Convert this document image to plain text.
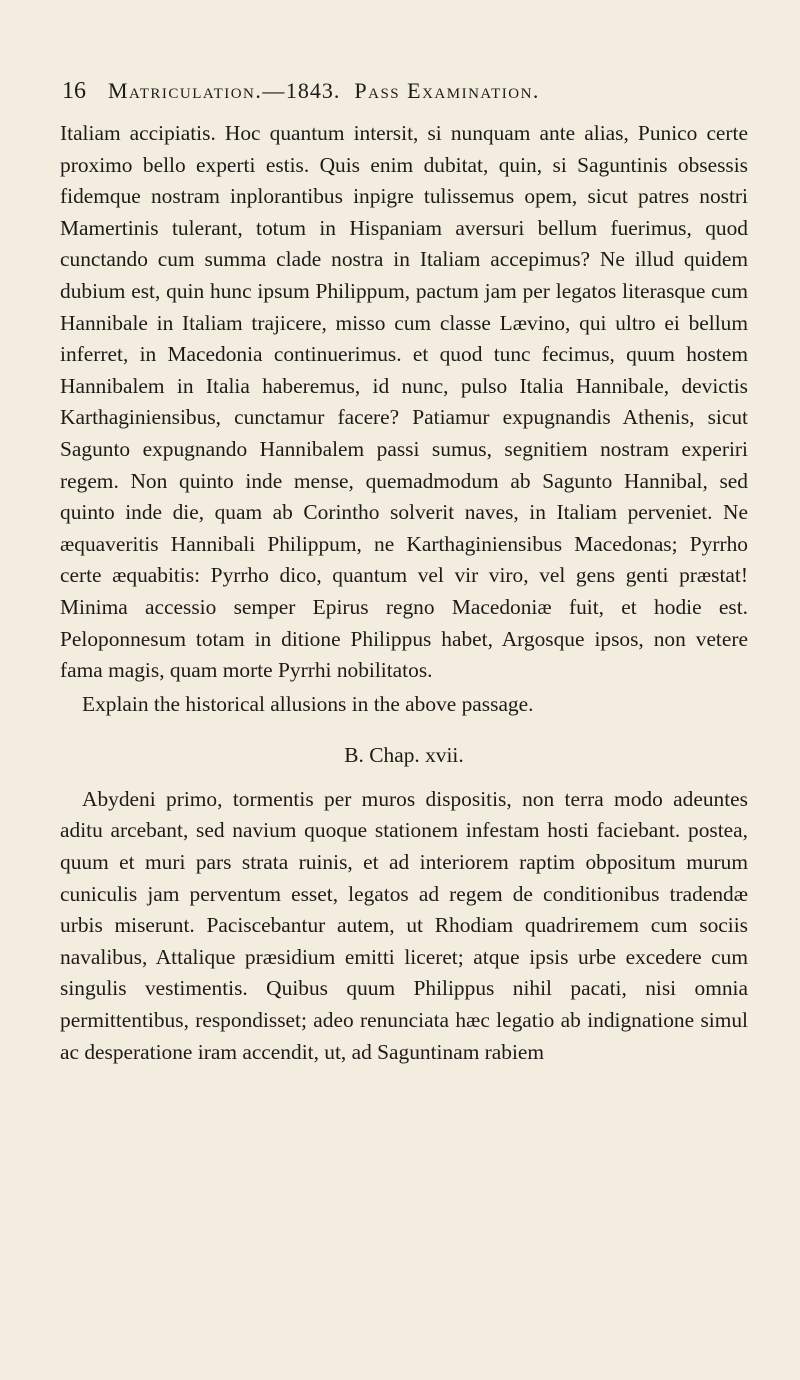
16	Matriculation. — 1843.
Pass Examination.

Italiam accipiatis. Hoc quantum intersit, si nunquam ante alias, Punico certe proximo bello experti estis. Quis enim dubitat, quin, si Saguntinis obsessis fidemque nostram inplorantibus inpigre tulissemus opem, sicut patres nostri Mamertinis tulerant, totum in Hispaniam aversuri bellum fuerimus, quod cunctando cum summa clade nostra in Italiam accepimus? Ne illud quidem dubium est, quin hunc ipsum Philippum, pactum jam per legatos literasque cum Hannibale in Italiam trajicere, misso cum classe Lævino, qui ultro ei bellum inferret, in Macedonia continuerimus. et quod tunc fecimus, quum hostem Hannibalem in Italia haberemus, id nunc, pulso Italia Hannibale, devictis Karthaginiensibus, cunctamur facere? Patiamur expugnandis Athenis, sicut Sagunto expugnando Hannibalem passi sumus, segnitiem nostram experiri regem. Non quinto inde mense, quemadmodum ab Sagunto Hannibal, sed quinto inde die, quam ab Corintho solverit naves, in Italiam perveniet. Ne æquaveritis Hannibali Philippum, ne Karthaginiensibus Macedonas; Pyrrho certe æquabitis: Pyrrho dico, quantum vel vir viro, vel gens genti præstat! Minima accessio semper Epirus regno Macedoniæ fuit, et hodie est. Peloponnesum totam in ditione Philippus habet, Argosque ipsos, non vetere fama magis, quam morte Pyrrhi nobilitatos.

Explain the historical allusions in the above passage.

B. Chap. xvii.

Abydeni primo, tormentis per muros dispositis, non terra modo adeuntes aditu arcebant, sed navium quoque stationem infestam hosti faciebant. postea, quum et muri pars strata ruinis, et ad interiorem raptim obpositum murum cuniculis jam perventum esset, legatos ad regem de conditionibus tradendæ urbis miserunt. Paciscebantur autem, ut Rhodiam quadriremem cum sociis navalibus, Attalique præsidium emitti liceret; atque ipsis urbe excedere cum singulis vestimentis. Quibus quum Philippus nihil pacati, nisi omnia permittentibus, respondisset; adeo renunciata hæc legatio ab indignatione simul ac desperatione iram accendit, ut, ad Saguntinam rabiem
